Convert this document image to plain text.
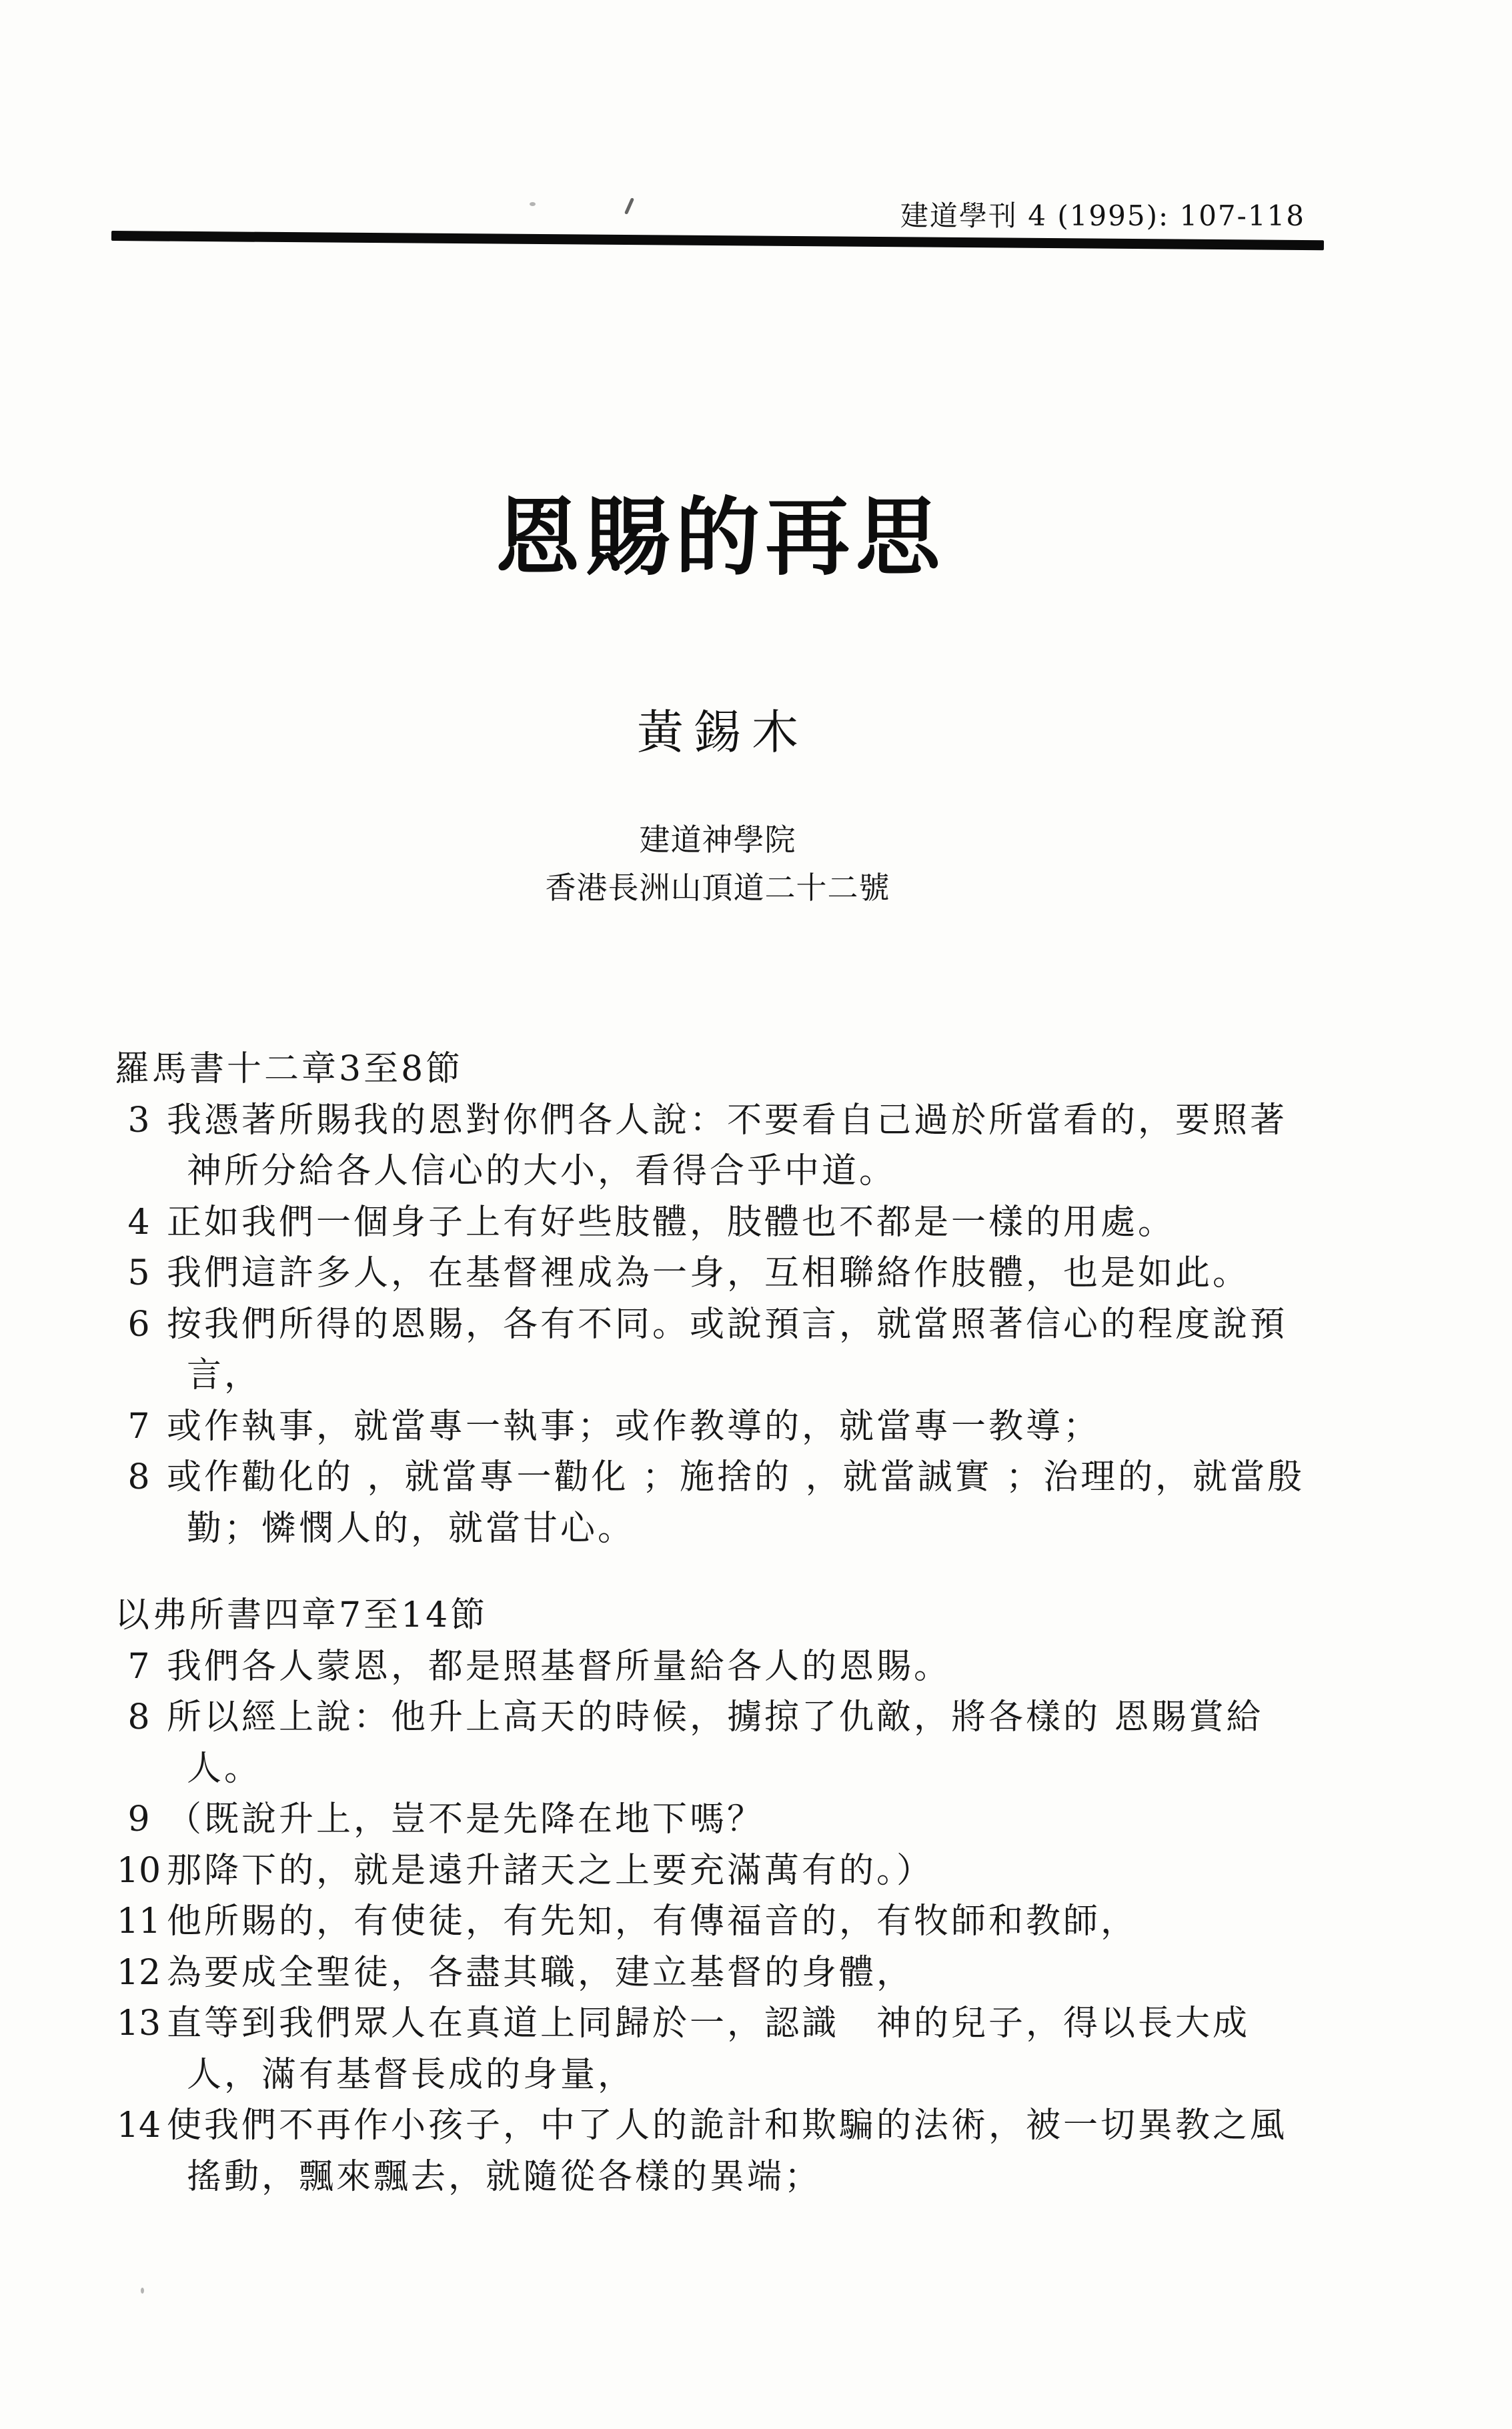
建道學刊 4 (1995): 107-118
恩賜的再思
黃錫木
建道神學院
香港長洲山頂道二十二號
羅馬書十二章3至8節
3 我憑著所賜我的恩對你們各人說：不要看自己過於所當看的，要照著
神所分給各人信心的大小，看得合乎中道。
4 正如我們一個身子上有好些肢體，肢體也不都是一樣的用處。
5 我們這許多人，在基督裡成為一身，互相聯絡作肢體，也是如此。
6 按我們所得的恩賜，各有不同。或說預言，就當照著信心的程度說預
言，
7 或作執事，就當專一執事；或作教導的，就當專一教導；
8 或作勸化的 ，就當專一勸化 ；施捨的 ，就當誠實 ；治理的，就當殷
勤；憐憫人的，就當甘心。
以弗所書四章7至14節
7 我們各人蒙恩，都是照基督所量給各人的恩賜。
8 所以經上說：他升上高天的時候，擄掠了仇敵，將各樣的 恩賜賞給
人。
9 （既說升上，豈不是先降在地下嗎？
10 那降下的，就是遠升諸天之上要充滿萬有的。）
11 他所賜的，有使徒，有先知，有傳福音的，有牧師和教師，
12 為要成全聖徒，各盡其職，建立基督的身體，
13 直等到我們眾人在真道上同歸於一，認識　神的兒子，得以長大成
人，滿有基督長成的身量，
14 使我們不再作小孩子，中了人的詭計和欺騙的法術，被一切異教之風
搖動，飄來飄去，就隨從各樣的異端；
